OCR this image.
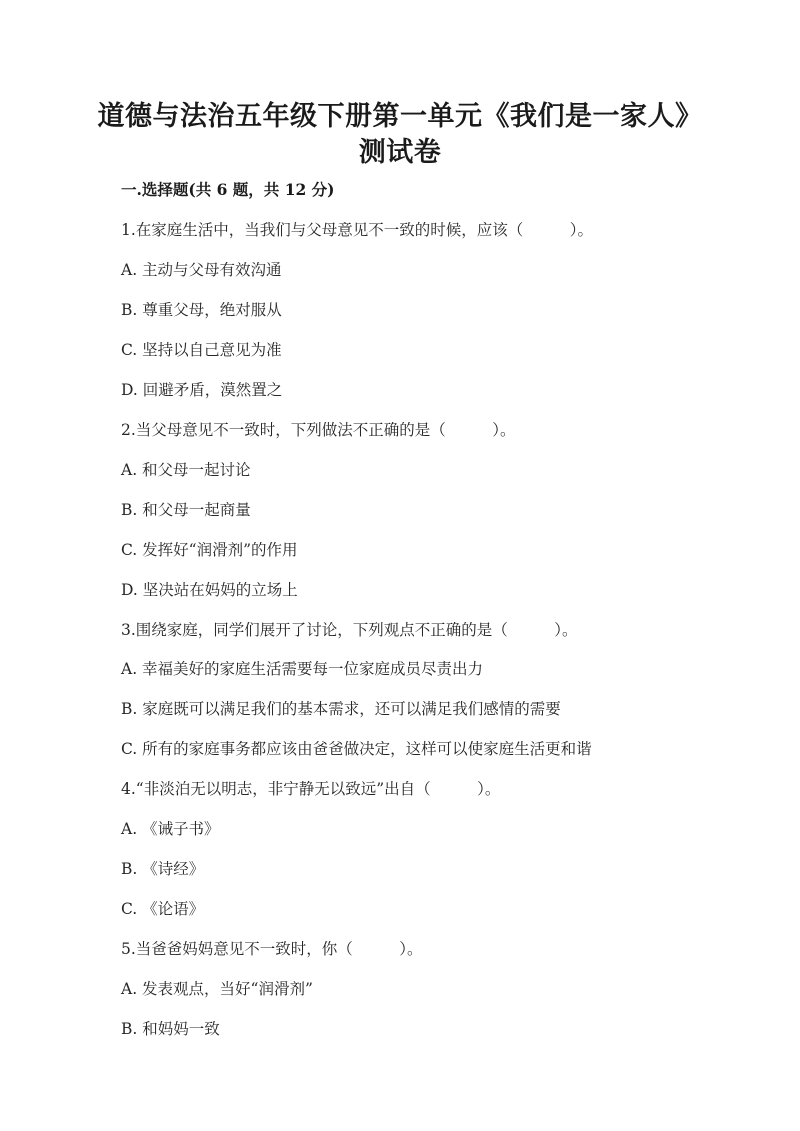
道德与法治五年级下册第一单元《我们是一家人》
测试卷
一.选择题(共 6 题，共 12 分)
1.在家庭生活中，当我们与父母意见不一致的时候，应该（　　　）。
A. 主动与父母有效沟通
B. 尊重父母，绝对服从
C. 坚持以自己意见为准
D. 回避矛盾，漠然置之
2.当父母意见不一致时，下列做法不正确的是（　　　）。
A. 和父母一起讨论
B. 和父母一起商量
C. 发挥好“润滑剂”的作用
D. 坚决站在妈妈的立场上
3.围绕家庭，同学们展开了讨论，下列观点不正确的是（　　　）。
A. 幸福美好的家庭生活需要每一位家庭成员尽责出力
B. 家庭既可以满足我们的基本需求，还可以满足我们感情的需要
C. 所有的家庭事务都应该由爸爸做决定，这样可以使家庭生活更和谐
4.“非淡泊无以明志，非宁静无以致远”出自（　　　）。
A. 《诫子书》
B. 《诗经》
C. 《论语》
5.当爸爸妈妈意见不一致时，你（　　　）。
A. 发表观点，当好“润滑剂”
B. 和妈妈一致
